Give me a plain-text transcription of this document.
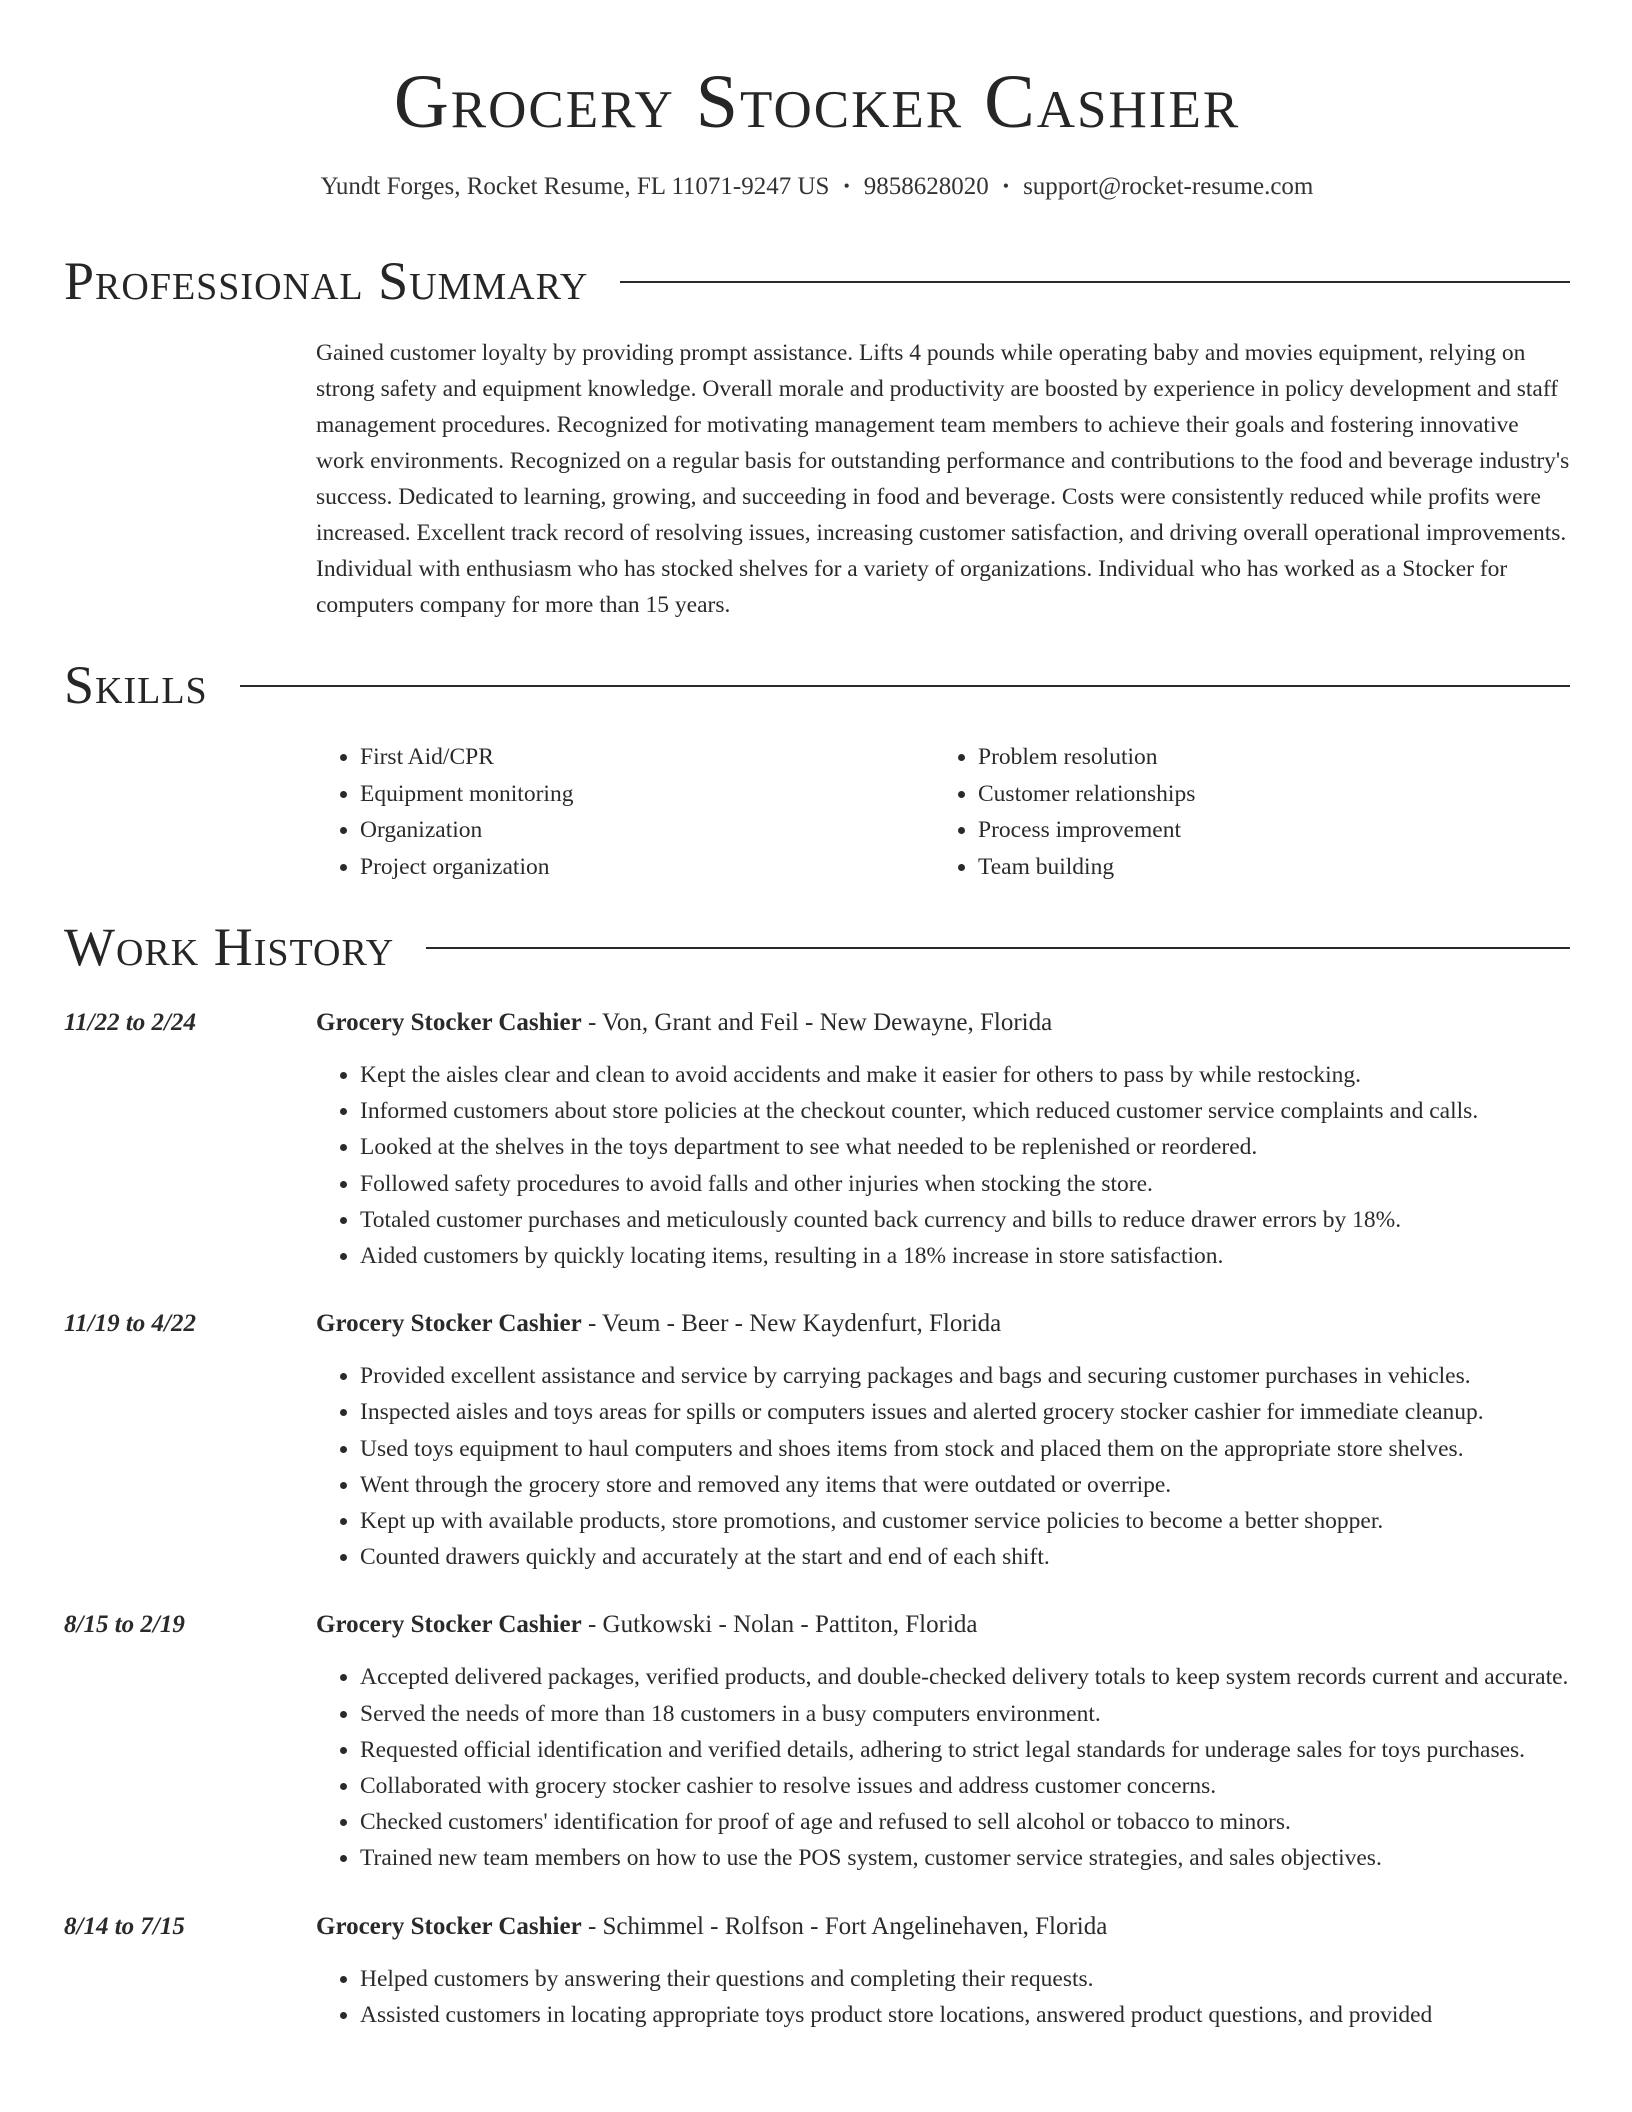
Grocery Stocker Cashier
Yundt Forges, Rocket Resume, FL 11071-9247 US • 9858628020 • support@rocket-resume.com
Professional Summary

Gained customer loyalty by providing prompt assistance. Lifts 4 pounds while operating baby and movies equipment, relying on strong safety and equipment knowledge. Overall morale and productivity are boosted by experience in policy development and staff management procedures. Recognized for motivating management team members to achieve their goals and fostering innovative work environments. Recognized on a regular basis for outstanding performance and contributions to the food and beverage industry's success. Dedicated to learning, growing, and succeeding in food and beverage. Costs were consistently reduced while profits were increased. Excellent track record of resolving issues, increasing customer satisfaction, and driving overall operational improvements. Individual with enthusiasm who has stocked shelves for a variety of organizations. Individual who has worked as a Stocker for computers company for more than 15 years.

Skills
• First Aid/CPR
• Equipment monitoring
• Organization
• Project organization
• Problem resolution
• Customer relationships
• Process improvement
• Team building
Work History
11/22 to 2/24	Grocery Stocker Cashier - Von, Grant and Feil - New Dewayne, Florida
• Kept the aisles clear and clean to avoid accidents and make it easier for others to pass by while restocking.
• Informed customers about store policies at the checkout counter, which reduced customer service complaints and calls.
• Looked at the shelves in the toys department to see what needed to be replenished or reordered.
• Followed safety procedures to avoid falls and other injuries when stocking the store.
• Totaled customer purchases and meticulously counted back currency and bills to reduce drawer errors by 18%.
• Aided customers by quickly locating items, resulting in a 18% increase in store satisfaction.
11/19 to 4/22	Grocery Stocker Cashier - Veum - Beer - New Kaydenfurt, Florida
• Provided excellent assistance and service by carrying packages and bags and securing customer purchases in vehicles.
• Inspected aisles and toys areas for spills or computers issues and alerted grocery stocker cashier for immediate cleanup.
• Used toys equipment to haul computers and shoes items from stock and placed them on the appropriate store shelves.
• Went through the grocery store and removed any items that were outdated or overripe.
• Kept up with available products, store promotions, and customer service policies to become a better shopper.
• Counted drawers quickly and accurately at the start and end of each shift.
8/15 to 2/19	Grocery Stocker Cashier - Gutkowski - Nolan - Pattiton, Florida
• Accepted delivered packages, verified products, and double-checked delivery totals to keep system records current and accurate.
• Served the needs of more than 18 customers in a busy computers environment.
• Requested official identification and verified details, adhering to strict legal standards for underage sales for toys purchases.
• Collaborated with grocery stocker cashier to resolve issues and address customer concerns.
• Checked customers' identification for proof of age and refused to sell alcohol or tobacco to minors.
• Trained new team members on how to use the POS system, customer service strategies, and sales objectives.
8/14 to 7/15	Grocery Stocker Cashier - Schimmel - Rolfson - Fort Angelinehaven, Florida
• Helped customers by answering their questions and completing their requests.
• Assisted customers in locating appropriate toys product store locations, answered product questions, and provided
